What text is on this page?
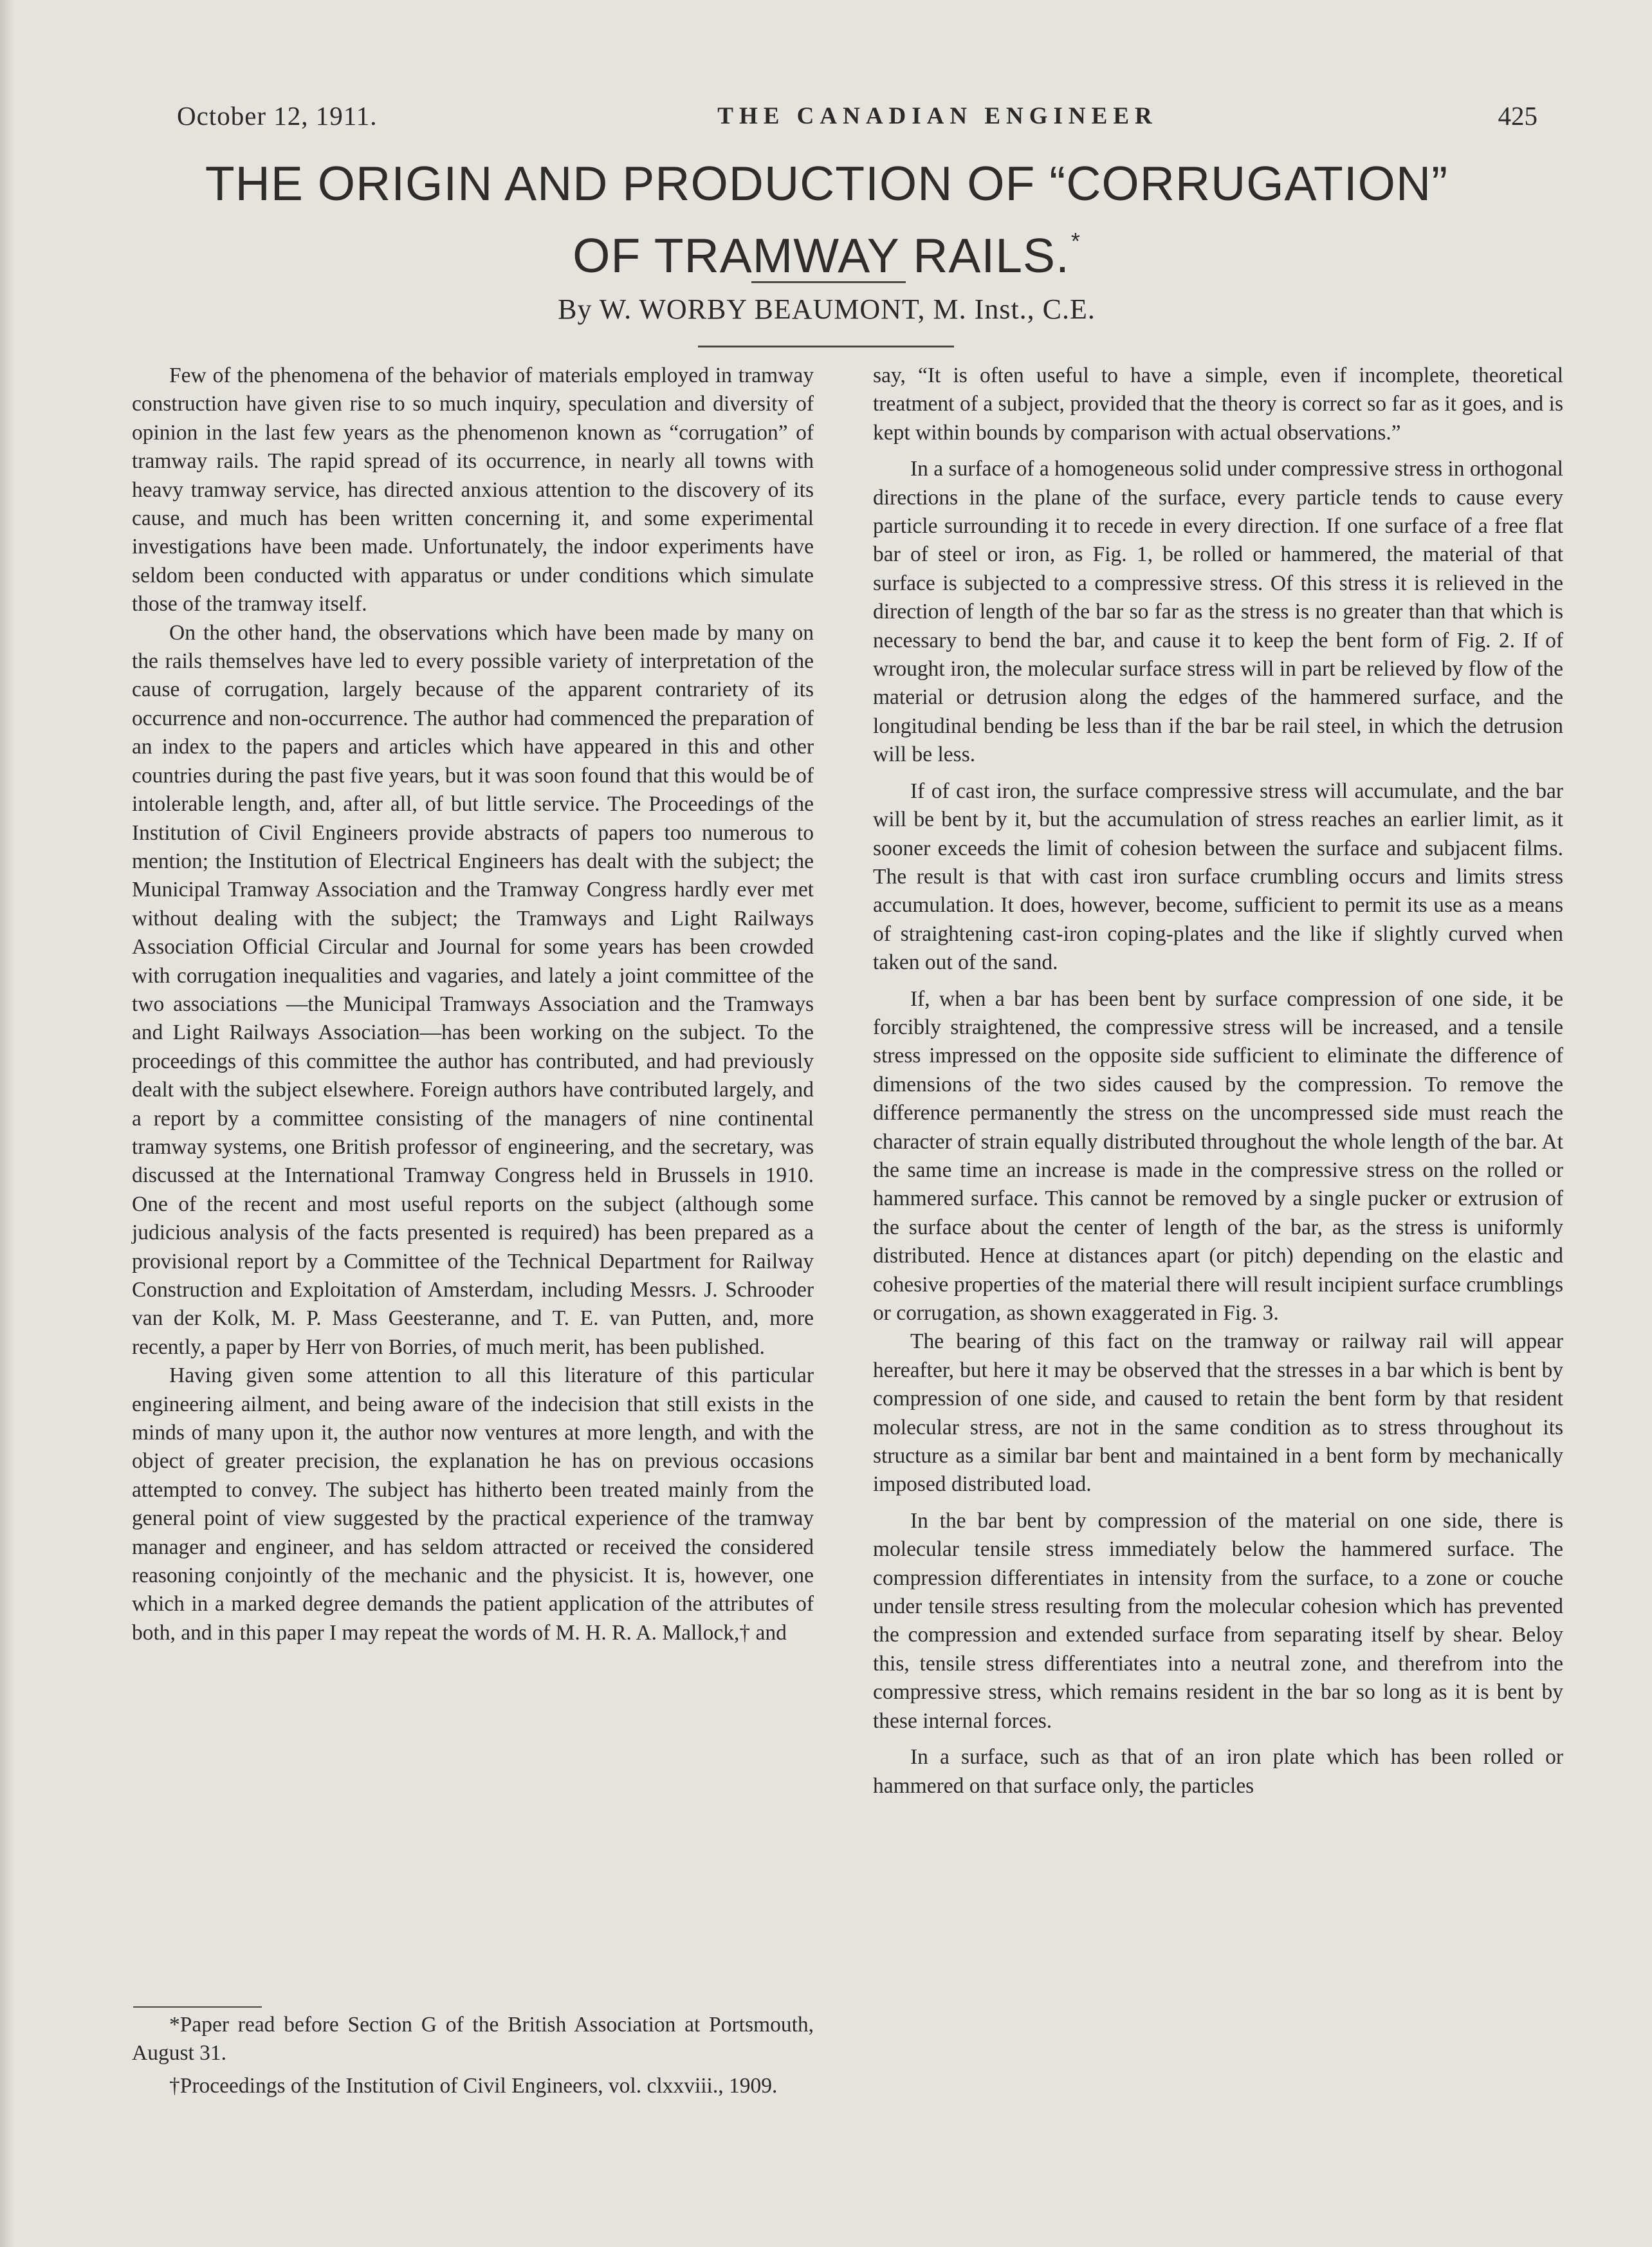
October 12, 1911.	THE CANADIAN ENGINEER	425
THE ORIGIN AND PRODUCTION OF “CORRUGATION”
OF TRAMWAY RAILS.*
By W. WORBY BEAUMONT, M. Inst., C.E.

Few of the phenomena of the behavior of materials employed in tramway construction have given rise to so much inquiry, speculation and diversity of opinion in the last few years as the phenomenon known as “corrugation” of tramway rails. The rapid spread of its occurrence, in nearly all towns with heavy tramway service, has directed anxious attention to the discovery of its cause, and much has been written concerning it, and some experimental investigations have been made. Unfortunately, the indoor experiments have seldom been conducted with apparatus or under conditions which simulate those of the tramway itself.

On the other hand, the observations which have been made by many on the rails themselves have led to every possible variety of interpretation of the cause of corrugation, largely because of the apparent contrariety of its occurrence and non-occurrence. The author had commenced the preparation of an index to the papers and articles which have appeared in this and other countries during the past five years, but it was soon found that this would be of intolerable length, and, after all, of but little service. The Proceedings of the Institution of Civil Engineers provide abstracts of papers too numerous to mention; the Institution of Electrical Engineers has dealt with the subject; the Municipal Tramway Association and the Tramway Congress hardly ever met without dealing with the subject; the Tramways and Light Railways Association Official Circular and Journal for some years has been crowded with corrugation inequalities and vagaries, and lately a joint committee of the two associations —the Municipal Tramways Association and the Tramways and Light Railways Association—has been working on the subject. To the proceedings of this committee the author has contributed, and had previously dealt with the subject elsewhere. Foreign authors have contributed largely, and a report by a committee consisting of the managers of nine continental tramway systems, one British professor of engineering, and the secretary, was discussed at the International Tramway Congress held in Brussels in 1910. One of the recent and most useful reports on the subject (although some judicious analysis of the facts presented is required) has been prepared as a provisional report by a Committee of the Technical Department for Railway Construction and Exploitation of Amsterdam, including Messrs. J. Schrooder van der Kolk, M. P. Mass Geesteranne, and T. E. van Putten, and, more recently, a paper by Herr von Borries, of much merit, has been published.

Having given some attention to all this literature of this particular engineering ailment, and being aware of the indecision that still exists in the minds of many upon it, the author now ventures at more length, and with the object of greater precision, the explanation he has on previous occasions attempted to convey. The subject has hitherto been treated mainly from the general point of view suggested by the practical experience of the tramway manager and engineer, and has seldom attracted or received the considered reasoning conjointly of the mechanic and the physicist. It is, however, one which in a marked degree demands the patient application of the attributes of both, and in this paper I may repeat the words of M. H. R. A. Mallock,† and

*Paper read before Section G of the British Association at Portsmouth, August 31.

†Proceedings of the Institution of Civil Engineers, vol. clxxviii., 1909.

say, “It is often useful to have a simple, even if incomplete, theoretical treatment of a subject, provided that the theory is correct so far as it goes, and is kept within bounds by comparison with actual observations.”

In a surface of a homogeneous solid under compressive stress in orthogonal directions in the plane of the surface, every particle tends to cause every particle surrounding it to recede in every direction. If one surface of a free flat bar of steel or iron, as Fig. 1, be rolled or hammered, the material of that surface is subjected to a compressive stress. Of this stress it is relieved in the direction of length of the bar so far as the stress is no greater than that which is necessary to bend the bar, and cause it to keep the bent form of Fig. 2. If of wrought iron, the molecular surface stress will in part be relieved by flow of the material or detrusion along the edges of the hammered surface, and the longitudinal bending be less than if the bar be rail steel, in which the detrusion will be less.

If of cast iron, the surface compressive stress will accumulate, and the bar will be bent by it, but the accumulation of stress reaches an earlier limit, as it sooner exceeds the limit of cohesion between the surface and subjacent films. The result is that with cast iron surface crumbling occurs and limits stress accumulation. It does, however, become, sufficient to permit its use as a means of straightening cast-iron coping-plates and the like if slightly curved when taken out of the sand.

If, when a bar has been bent by surface compression of one side, it be forcibly straightened, the compressive stress will be increased, and a tensile stress impressed on the opposite side sufficient to eliminate the difference of dimensions of the two sides caused by the compression. To remove the difference permanently the stress on the uncompressed side must reach the character of strain equally distributed throughout the whole length of the bar. At the same time an increase is made in the compressive stress on the rolled or hammered surface. This cannot be removed by a single pucker or extrusion of the surface about the center of length of the bar, as the stress is uniformly distributed. Hence at distances apart (or pitch) depending on the elastic and cohesive properties of the material there will result incipient surface crumblings or corrugation, as shown exaggerated in Fig. 3.

The bearing of this fact on the tramway or railway rail will appear hereafter, but here it may be observed that the stresses in a bar which is bent by compression of one side, and caused to retain the bent form by that resident molecular stress, are not in the same condition as to stress throughout its structure as a similar bar bent and maintained in a bent form by mechanically imposed distributed load.

In the bar bent by compression of the material on one side, there is molecular tensile stress immediately below the hammered surface. The compression differentiates in intensity from the surface, to a zone or couche under tensile stress resulting from the molecular cohesion which has prevented the compression and extended surface from separating itself by shear. Beloy this, tensile stress differentiates into a neutral zone, and therefrom into the compressive stress, which remains resident in the bar so long as it is bent by these internal forces.

In a surface, such as that of an iron plate which has been rolled or hammered on that surface only, the particles
